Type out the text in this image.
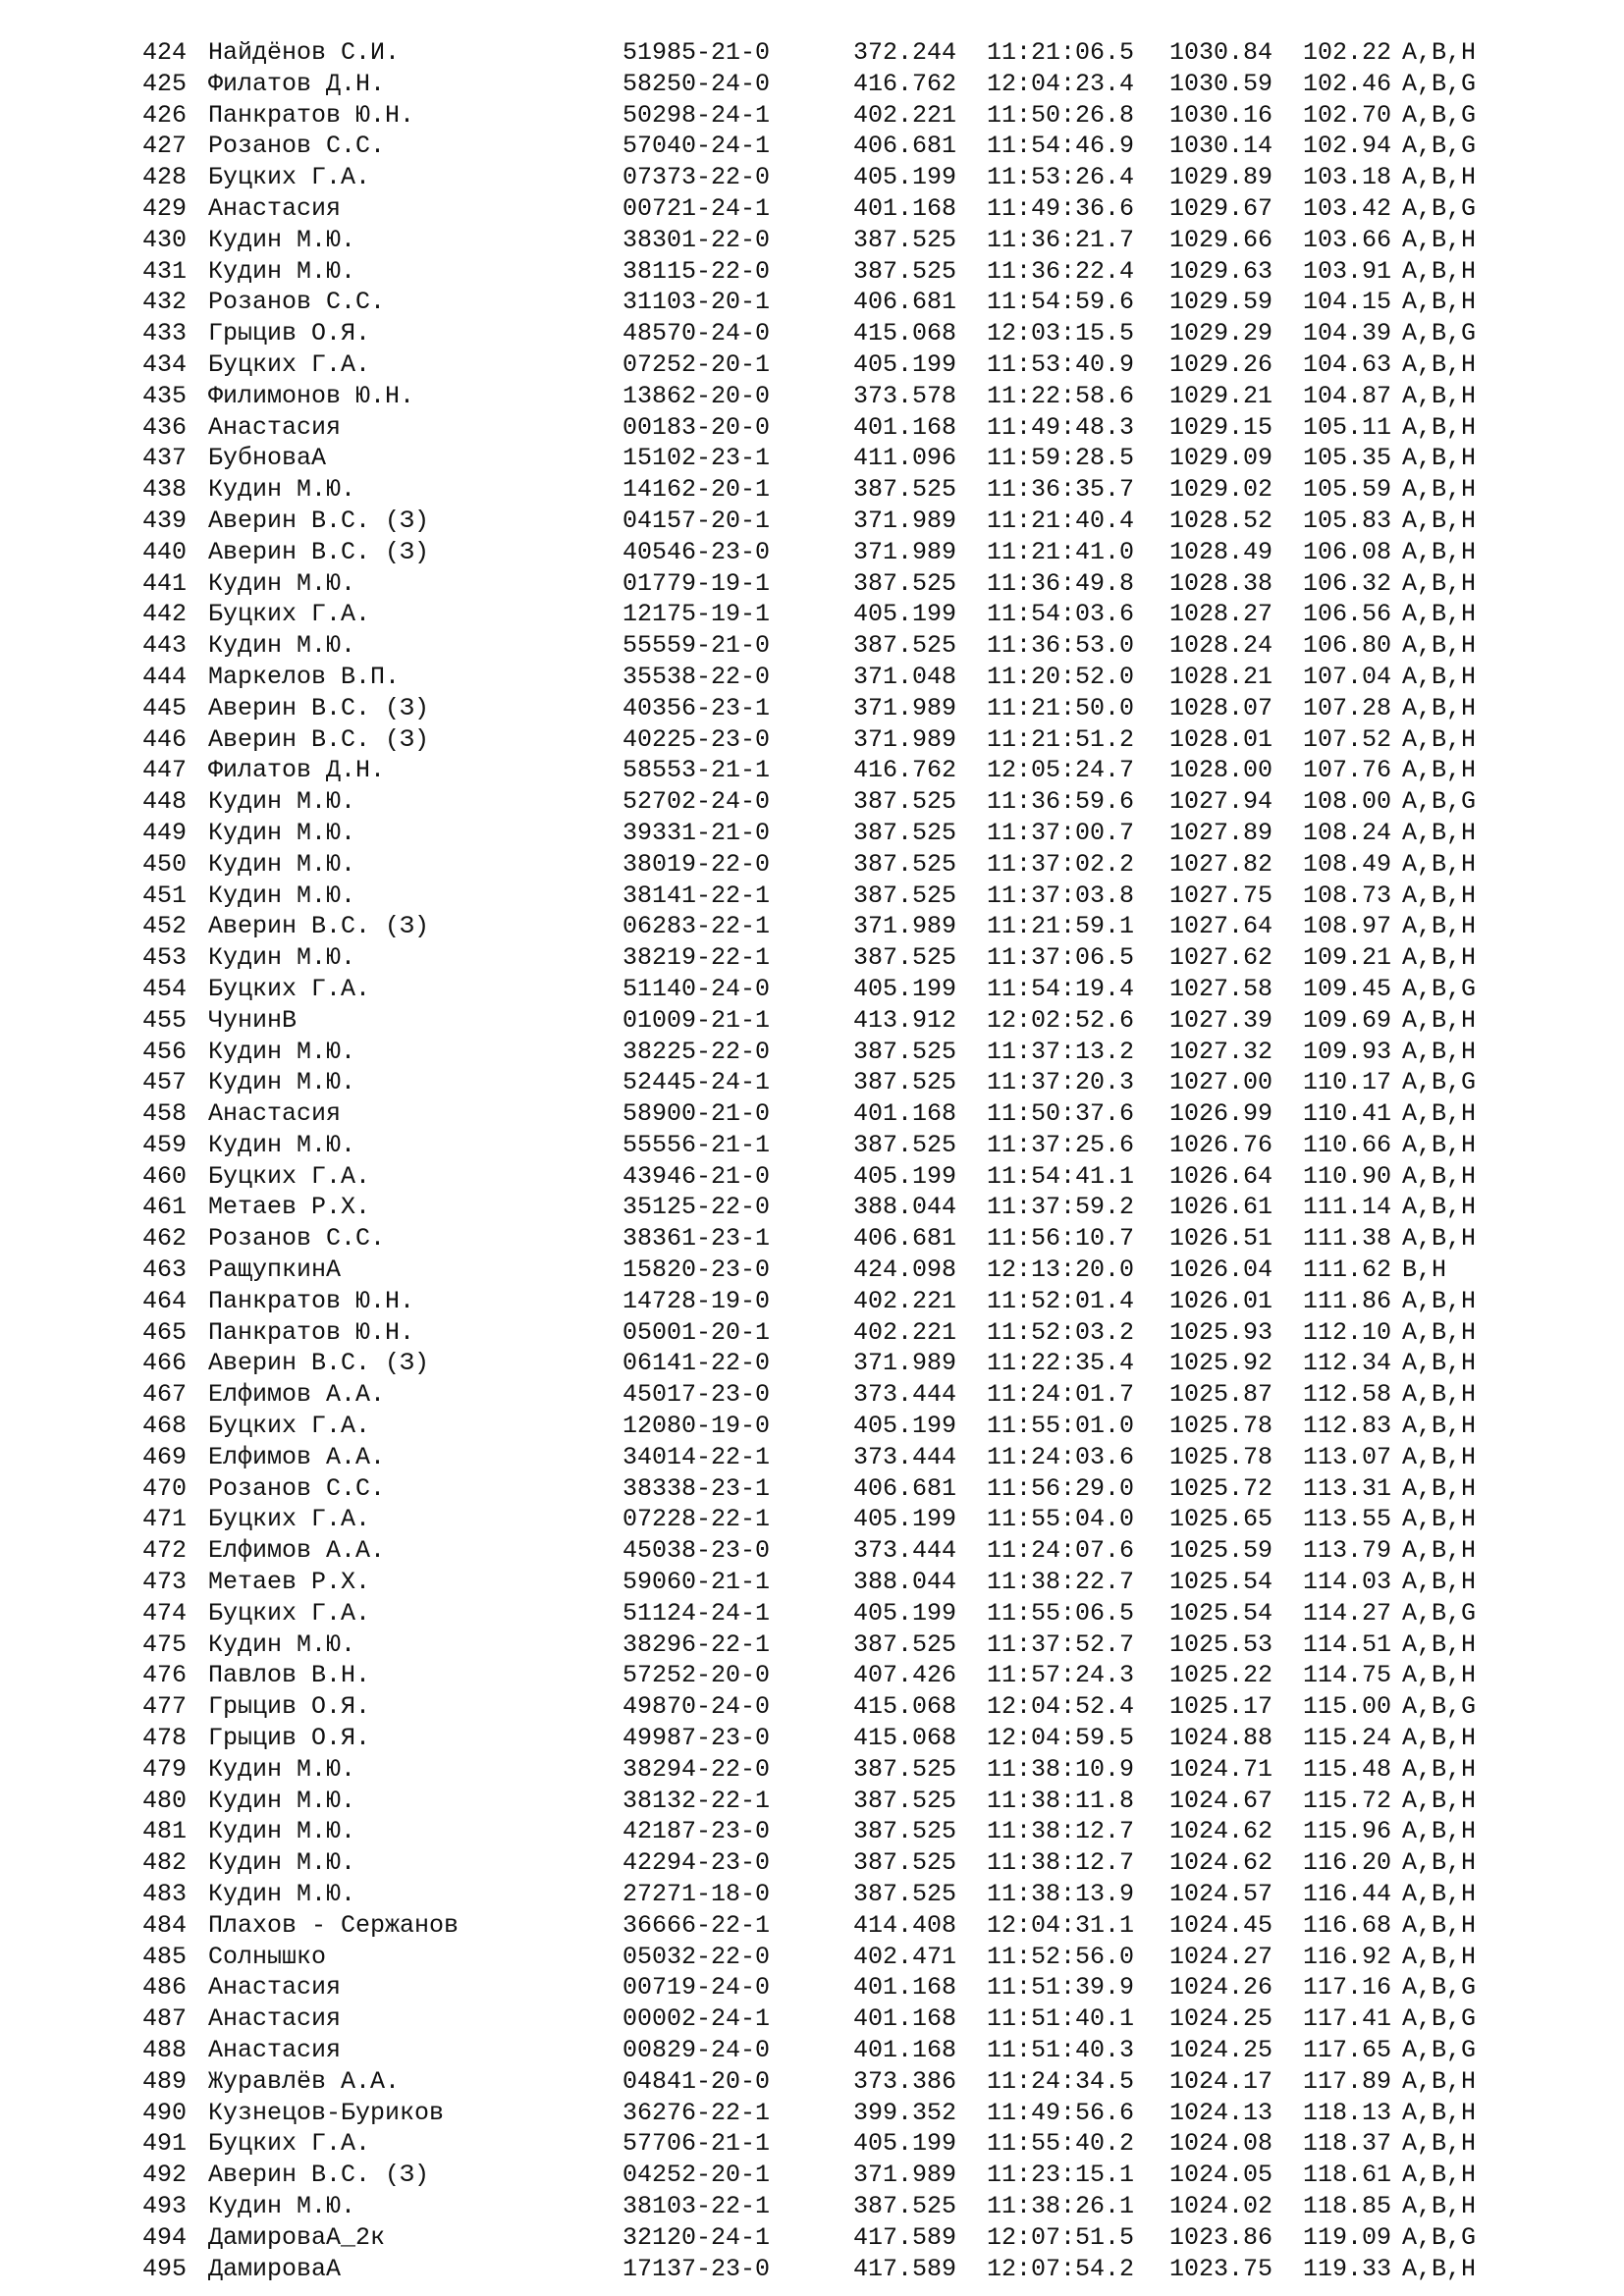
424 Найдёнов С.И.	51985-21-0	372.244	11:21:06.5	1030.84	102.22 A,B,H
425 Филатов Д.Н.	58250-24-0	416.762	12:04:23.4	1030.59	102.46 A,B,G
426 Панкратов Ю.Н.	50298-24-1	402.221	11:50:26.8	1030.16	102.70 A,B,G
427 Розанов С.С.	57040-24-1	406.681	11:54:46.9	1030.14	102.94 A,B,G
428 Буцких Г.А.	07373-22-0	405.199	11:53:26.4	1029.89	103.18 A,B,H
429 Анастасия	00721-24-1	401.168	11:49:36.6	1029.67	103.42 A,B,G
430 Кудин М.Ю.	38301-22-0	387.525	11:36:21.7	1029.66	103.66 A,B,H
431 Кудин М.Ю.	38115-22-0	387.525	11:36:22.4	1029.63	103.91 A,B,H
432 Розанов С.С.	31103-20-1	406.681	11:54:59.6	1029.59	104.15 A,B,H
433 Грыцив О.Я.	48570-24-0	415.068	12:03:15.5	1029.29	104.39 A,B,G
434 Буцких Г.А.	07252-20-1	405.199	11:53:40.9	1029.26	104.63 A,B,H
435 Филимонов Ю.Н.	13862-20-0	373.578	11:22:58.6	1029.21	104.87 A,B,H
436 Анастасия	00183-20-0	401.168	11:49:48.3	1029.15	105.11 A,B,H
437 БубноваА	15102-23-1	411.096	11:59:28.5	1029.09	105.35 A,B,H
438 Кудин М.Ю.	14162-20-1	387.525	11:36:35.7	1029.02	105.59 A,B,H
439 Аверин В.С. (З)	04157-20-1	371.989	11:21:40.4	1028.52	105.83 A,B,H
440 Аверин В.С. (З)	40546-23-0	371.989	11:21:41.0	1028.49	106.08 A,B,H
441 Кудин М.Ю.	01779-19-1	387.525	11:36:49.8	1028.38	106.32 A,B,H
442 Буцких Г.А.	12175-19-1	405.199	11:54:03.6	1028.27	106.56 A,B,H
443 Кудин М.Ю.	55559-21-0	387.525	11:36:53.0	1028.24	106.80 A,B,H
444 Маркелов В.П.	35538-22-0	371.048	11:20:52.0	1028.21	107.04 A,B,H
445 Аверин В.С. (З)	40356-23-1	371.989	11:21:50.0	1028.07	107.28 A,B,H
446 Аверин В.С. (З)	40225-23-0	371.989	11:21:51.2	1028.01	107.52 A,B,H
447 Филатов Д.Н.	58553-21-1	416.762	12:05:24.7	1028.00	107.76 A,B,H
448 Кудин М.Ю.	52702-24-0	387.525	11:36:59.6	1027.94	108.00 A,B,G
449 Кудин М.Ю.	39331-21-0	387.525	11:37:00.7	1027.89	108.24 A,B,H
450 Кудин М.Ю.	38019-22-0	387.525	11:37:02.2	1027.82	108.49 A,B,H
451 Кудин М.Ю.	38141-22-1	387.525	11:37:03.8	1027.75	108.73 A,B,H
452 Аверин В.С. (З)	06283-22-1	371.989	11:21:59.1	1027.64	108.97 A,B,H
453 Кудин М.Ю.	38219-22-1	387.525	11:37:06.5	1027.62	109.21 A,B,H
454 Буцких Г.А.	51140-24-0	405.199	11:54:19.4	1027.58	109.45 A,B,G
455 ЧунинВ	01009-21-1	413.912	12:02:52.6	1027.39	109.69 A,B,H
456 Кудин М.Ю.	38225-22-0	387.525	11:37:13.2	1027.32	109.93 A,B,H
457 Кудин М.Ю.	52445-24-1	387.525	11:37:20.3	1027.00	110.17 A,B,G
458 Анастасия	58900-21-0	401.168	11:50:37.6	1026.99	110.41 A,B,H
459 Кудин М.Ю.	55556-21-1	387.525	11:37:25.6	1026.76	110.66 A,B,H
460 Буцких Г.А.	43946-21-0	405.199	11:54:41.1	1026.64	110.90 A,B,H
461 Метаев Р.Х.	35125-22-0	388.044	11:37:59.2	1026.61	111.14 A,B,H
462 Розанов С.С.	38361-23-1	406.681	11:56:10.7	1026.51	111.38 A,B,H
463 РащупкинА	15820-23-0	424.098	12:13:20.0	1026.04	111.62 B,H
464 Панкратов Ю.Н.	14728-19-0	402.221	11:52:01.4	1026.01	111.86 A,B,H
465 Панкратов Ю.Н.	05001-20-1	402.221	11:52:03.2	1025.93	112.10 A,B,H
466 Аверин В.С. (З)	06141-22-0	371.989	11:22:35.4	1025.92	112.34 A,B,H
467 Елфимов А.А.	45017-23-0	373.444	11:24:01.7	1025.87	112.58 A,B,H
468 Буцких Г.А.	12080-19-0	405.199	11:55:01.0	1025.78	112.83 A,B,H
469 Елфимов А.А.	34014-22-1	373.444	11:24:03.6	1025.78	113.07 A,B,H
470 Розанов С.С.	38338-23-1	406.681	11:56:29.0	1025.72	113.31 A,B,H
471 Буцких Г.А.	07228-22-1	405.199	11:55:04.0	1025.65	113.55 A,B,H
472 Елфимов А.А.	45038-23-0	373.444	11:24:07.6	1025.59	113.79 A,B,H
473 Метаев Р.Х.	59060-21-1	388.044	11:38:22.7	1025.54	114.03 A,B,H
474 Буцких Г.А.	51124-24-1	405.199	11:55:06.5	1025.54	114.27 A,B,G
475 Кудин М.Ю.	38296-22-1	387.525	11:37:52.7	1025.53	114.51 A,B,H
476 Павлов В.Н.	57252-20-0	407.426	11:57:24.3	1025.22	114.75 A,B,H
477 Грыцив О.Я.	49870-24-0	415.068	12:04:52.4	1025.17	115.00 A,B,G
478 Грыцив О.Я.	49987-23-0	415.068	12:04:59.5	1024.88	115.24 A,B,H
479 Кудин М.Ю.	38294-22-0	387.525	11:38:10.9	1024.71	115.48 A,B,H
480 Кудин М.Ю.	38132-22-1	387.525	11:38:11.8	1024.67	115.72 A,B,H
481 Кудин М.Ю.	42187-23-0	387.525	11:38:12.7	1024.62	115.96 A,B,H
482 Кудин М.Ю.	42294-23-0	387.525	11:38:12.7	1024.62	116.20 A,B,H
483 Кудин М.Ю.	27271-18-0	387.525	11:38:13.9	1024.57	116.44 A,B,H
484 Плахов - Сержанов	36666-22-1	414.408	12:04:31.1	1024.45	116.68 A,B,H
485 Солнышко	05032-22-0	402.471	11:52:56.0	1024.27	116.92 A,B,H
486 Анастасия	00719-24-0	401.168	11:51:39.9	1024.26	117.16 A,B,G
487 Анастасия	00002-24-1	401.168	11:51:40.1	1024.25	117.41 A,B,G
488 Анастасия	00829-24-0	401.168	11:51:40.3	1024.25	117.65 A,B,G
489 Журавлёв А.А.	04841-20-0	373.386	11:24:34.5	1024.17	117.89 A,B,H
490 Кузнецов-Буриков	36276-22-1	399.352	11:49:56.6	1024.13	118.13 A,B,H
491 Буцких Г.А.	57706-21-1	405.199	11:55:40.2	1024.08	118.37 A,B,H
492 Аверин В.С. (З)	04252-20-1	371.989	11:23:15.1	1024.05	118.61 A,B,H
493 Кудин М.Ю.	38103-22-1	387.525	11:38:26.1	1024.02	118.85 A,B,H
494 ДамироваА_2к	32120-24-1	417.589	12:07:51.5	1023.86	119.09 A,B,G
495 ДамироваА	17137-23-0	417.589	12:07:54.2	1023.75	119.33 A,B,H
